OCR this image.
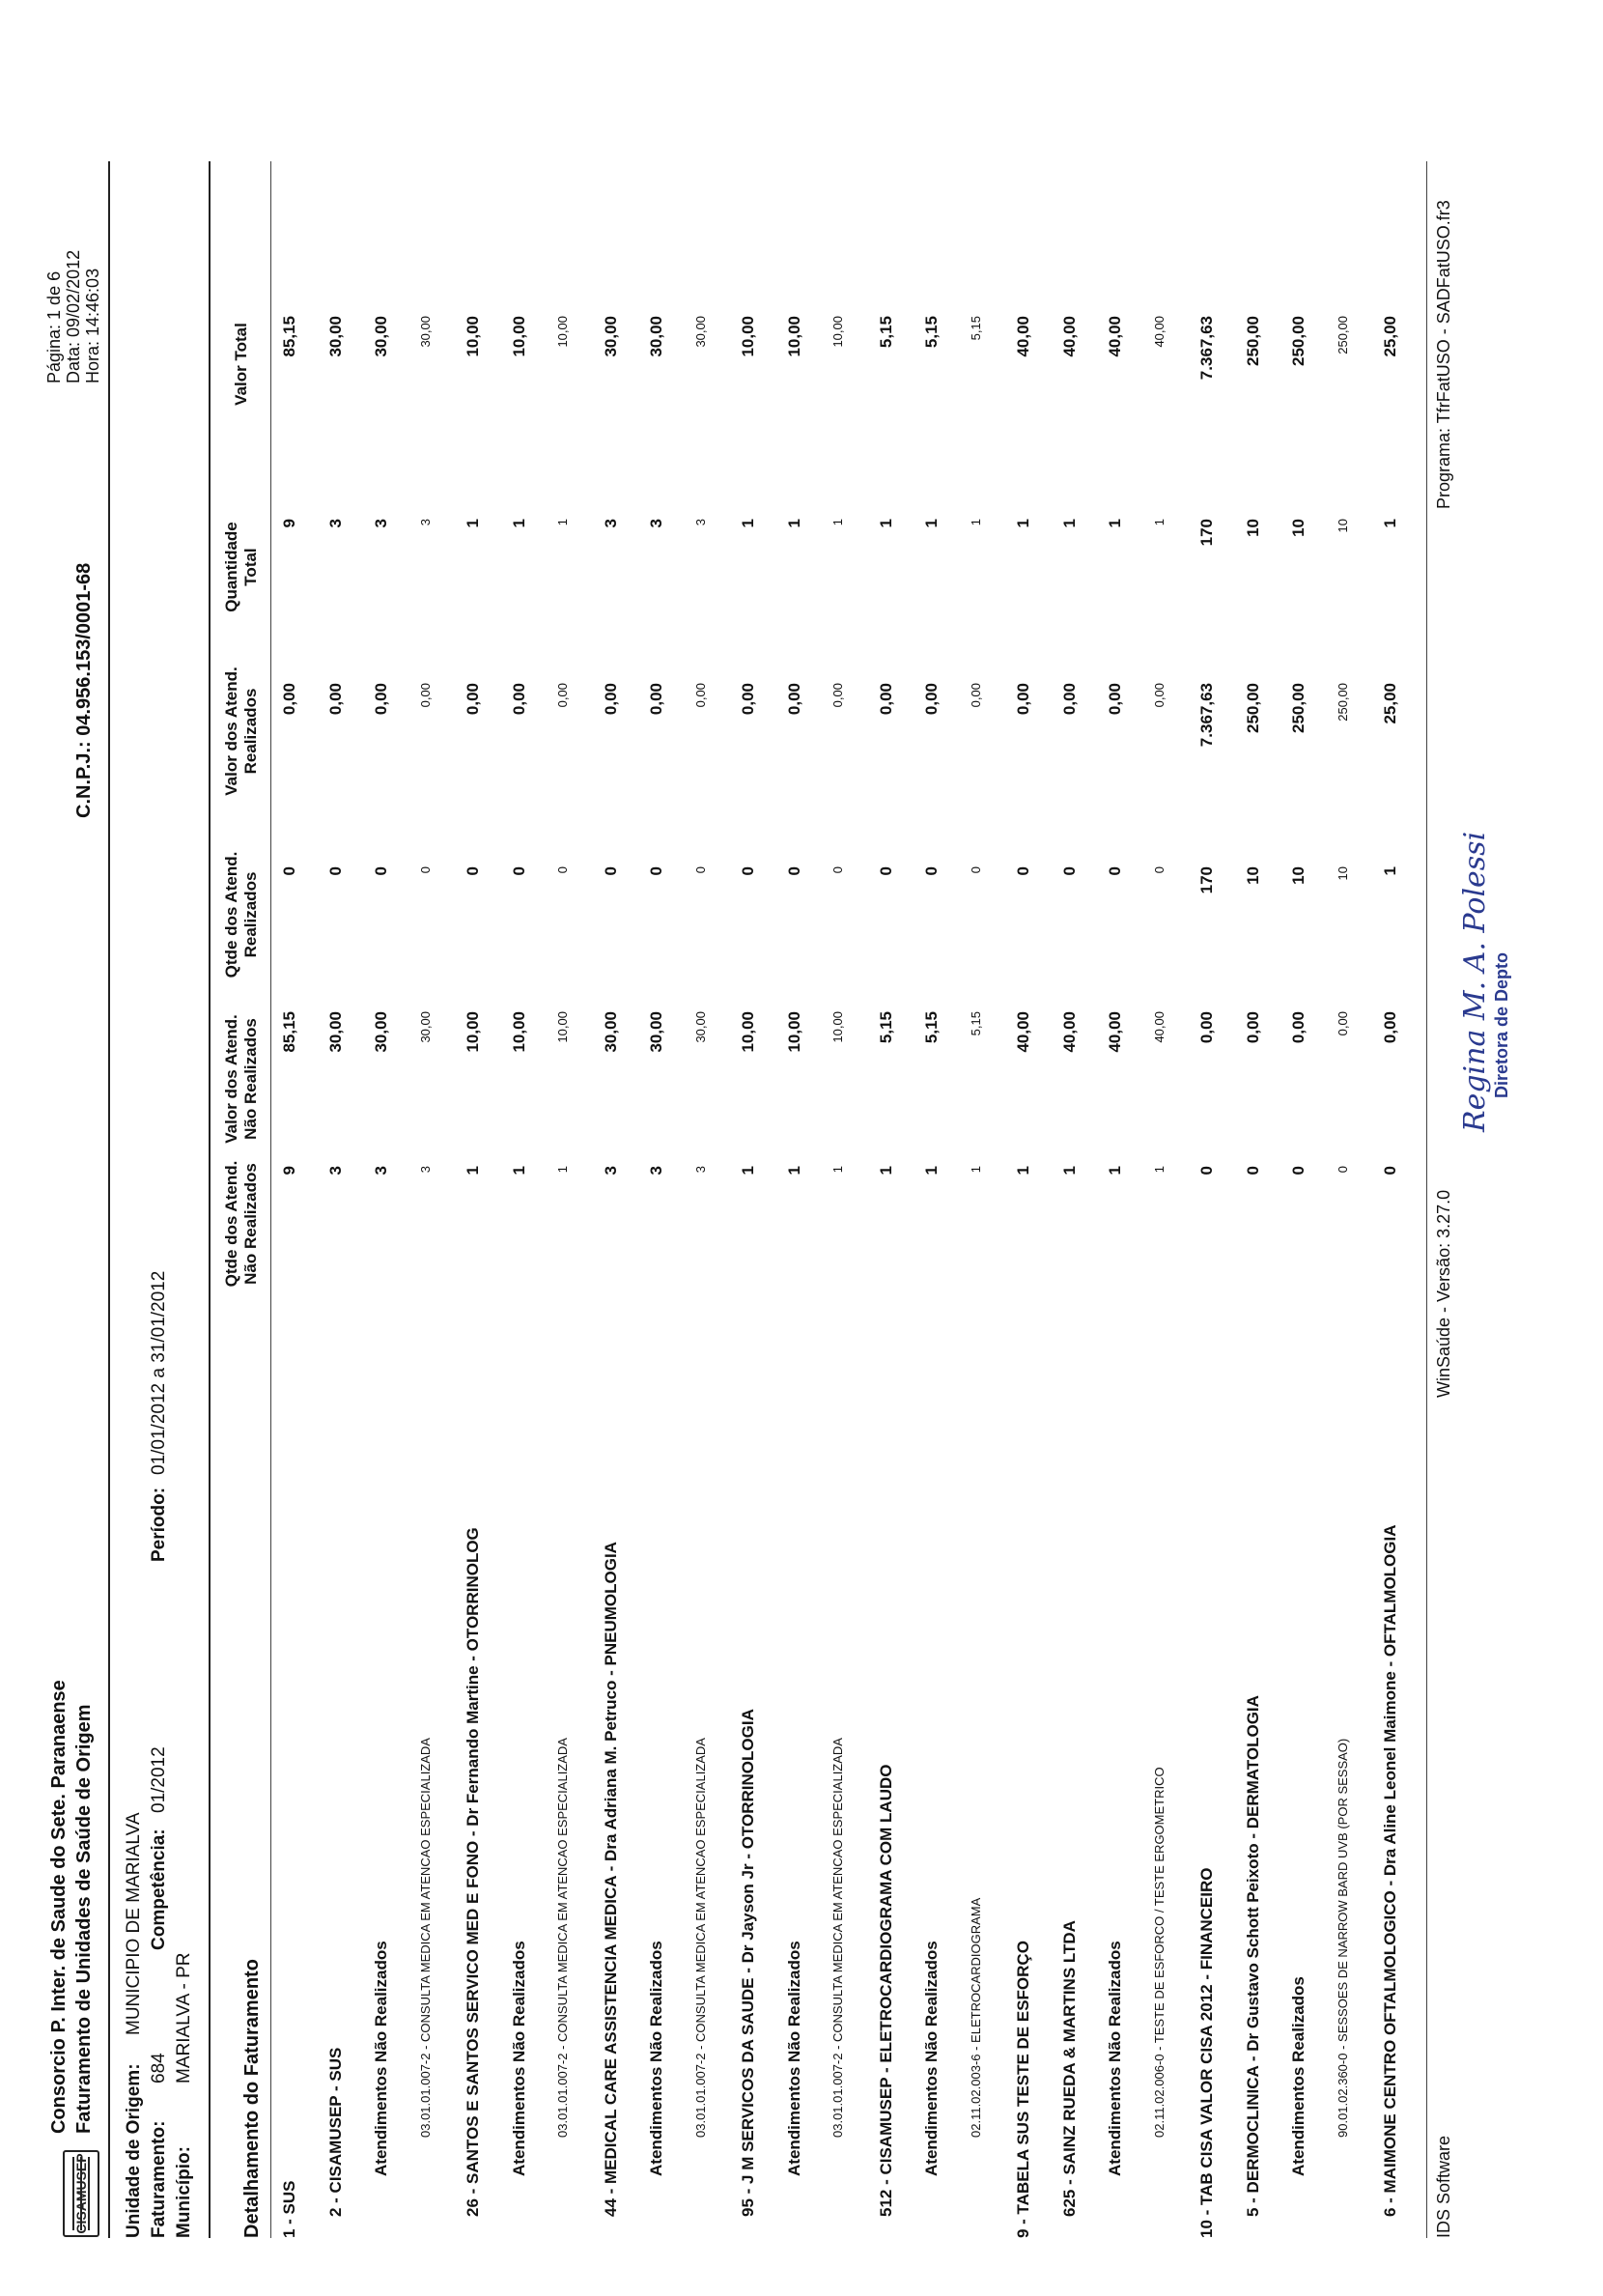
CISAMUSEP
Consorcio P. Inter. de Saude do Sete. Paranaense Faturamento de Unidades de Saúde de Origem
C.N.P.J.: 04.956.153/0001-68
Página: 1 de 6 Data: 09/02/2012 Hora: 14:46:03
Unidade de Origem:
MUNICIPIO DE MARIALVA
Faturamento:
684
Competência:
01/2012
Período:
01/01/2012 a 31/01/2012
Município:
MARIALVA - PR Detalhamento do Faturamento
Qtde dos Atend. Não Realizados
Valor dos Atend. Não Realizados
Qtde dos Atend. Realizados
Valor dos Atend. Realizados
Quantidade Total
Valor Total
1 - SUS
9
85,15
0
0,00
9
85,15
2 - CISAMUSEP - SUS
3
30,00
0
0,00
3
30,00
Atendimentos Não Realizados
3
30,00
0
0,00
3
30,00
03.01.01.007-2 - CONSULTA MEDICA EM ATENCAO ESPECIALIZADA
3
30,00
0
0,00
3
30,00
26 - SANTOS E SANTOS SERVICO MED E FONO - Dr Fernando Martine - OTORRINOLOG
1
10,00
0
0,00
1
10,00
Atendimentos Não Realizados
1
10,00
0
0,00
1
10,00
03.01.01.007-2 - CONSULTA MEDICA EM ATENCAO ESPECIALIZADA
1
10,00
0
0,00
1
10,00
44 - MEDICAL CARE ASSISTENCIA MEDICA - Dra Adriana M. Petruco - PNEUMOLOGIA
3
30,00
0
0,00
3
30,00
Atendimentos Não Realizados
3
30,00
0
0,00
3
30,00
03.01.01.007-2 - CONSULTA MEDICA EM ATENCAO ESPECIALIZADA
3
30,00
0
0,00
3
30,00
95 - J M SERVICOS DA SAUDE - Dr Jayson Jr - OTORRINOLOGIA
1
10,00
0
0,00
1
10,00
Atendimentos Não Realizados
1
10,00
0
0,00
1
10,00
03.01.01.007-2 - CONSULTA MEDICA EM ATENCAO ESPECIALIZADA
1
10,00
0
0,00
1
10,00
512 - CISAMUSEP - ELETROCARDIOGRAMA COM LAUDO
1
5,15
0
0,00
1
5,15
Atendimentos Não Realizados
1
5,15
0
0,00
1
5,15
02.11.02.003-6 - ELETROCARDIOGRAMA
1
5,15
0
0,00
1
5,15
9 - TABELA SUS TESTE DE ESFORÇO
1
40,00
0
0,00
1
40,00
625 - SAINZ RUEDA & MARTINS LTDA
1
40,00
0
0,00
1
40,00
Atendimentos Não Realizados
1
40,00
0
0,00
1
40,00
02.11.02.006-0 - TESTE DE ESFORCO / TESTE ERGOMETRICO
1
40,00
0
0,00
1
40,00
10 - TAB CISA VALOR CISA 2012 - FINANCEIRO
0
0,00
170
7.367,63
170
7.367,63
5 - DERMOCLINICA - Dr Gustavo Schott Peixoto - DERMATOLOGIA
0
0,00
10
250,00
10
250,00
Atendimentos Realizados
0
0,00
10
250,00
10
250,00
90.01.02.360-0 - SESSOES DE NARROW BARD UVB (POR SESSAO)
0
0,00
10
250,00
10
250,00
6 - MAIMONE CENTRO OFTALMOLOGICO - Dra Aline Leonel Maimone - OFTALMOLOGIA
0
0,00
1
25,00
1
25,00
IDS Software
WinSaúde - Versão: 3.27.0
Programa: TfrFatUSO - SADFatUSO.fr3
Regina M. A. Polessi Diretora de Depto
